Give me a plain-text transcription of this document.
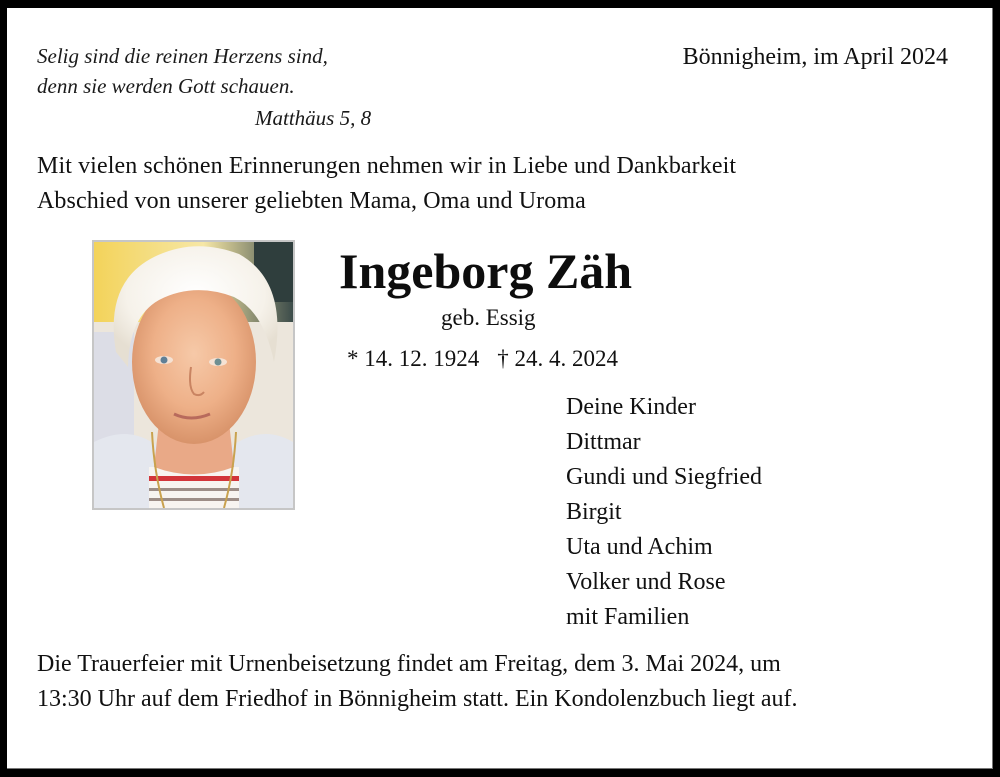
Selig sind die reinen Herzens sind,
denn sie werden Gott schauen.
Matthäus 5, 8
Bönnigheim, im April 2024
Mit vielen schönen Erinnerungen nehmen wir in Liebe und Dankbarkeit
Abschied von unserer geliebten Mama, Oma und Uroma
Ingeborg Zäh
geb. Essig
* 14. 12. 1924 † 24. 4. 2024
Deine Kinder
Dittmar
Gundi und Siegfried
Birgit
Uta und Achim
Volker und Rose
mit Familien
Die Trauerfeier mit Urnenbeisetzung findet am Freitag, dem 3. Mai 2024, um
13:30 Uhr auf dem Friedhof in Bönnigheim statt. Ein Kondolenzbuch liegt auf.
